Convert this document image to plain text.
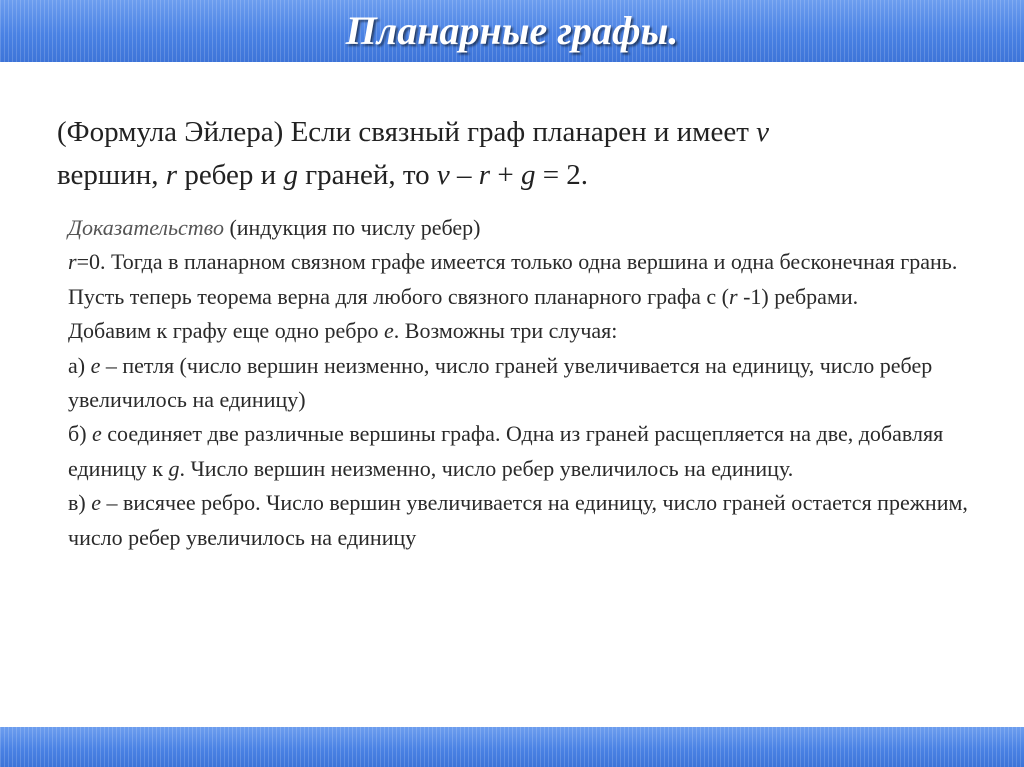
Планарные графы.

(Формула Эйлера) Если связный граф планарен и имеет v
вершин, r ребер и g граней, то v – r + g = 2.

Доказательство (индукция по числу ребер)

r=0. Тогда в планарном связном графе имеется только одна вершина и одна бесконечная грань.

Пусть теперь теорема верна для любого связного планарного графа с (r -1) ребрами.

Добавим к графу еще одно ребро e. Возможны три случая:

а) e – петля (число вершин неизменно, число граней увеличивается на единицу, число ребер увеличилось на единицу)

б) e соединяет две различные вершины графа. Одна из граней расщепляется на две, добавляя единицу к g. Число вершин неизменно, число ребер увеличилось на единицу.

в) e – висячее ребро. Число вершин увеличивается на единицу, число граней остается прежним, число ребер увеличилось на единицу
